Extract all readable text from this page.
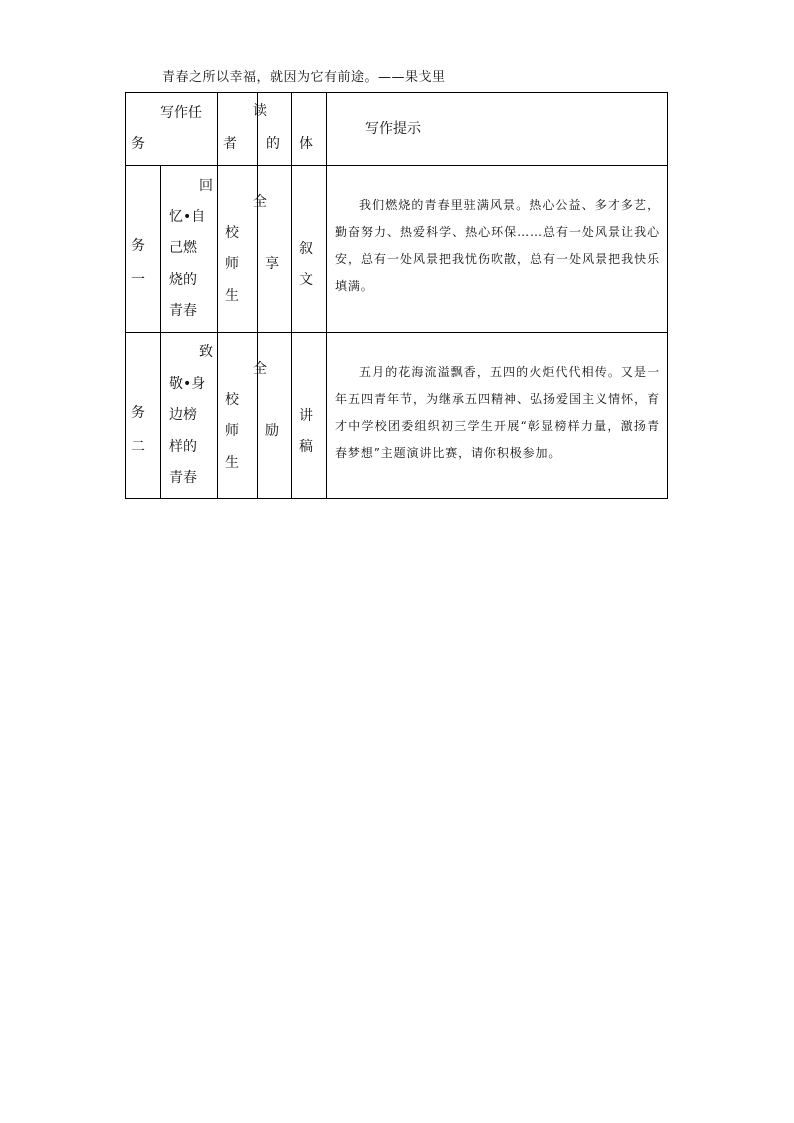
青春之所以幸福，就因为它有前途。——果戈里
写作任
务
读
者 的 体
写作提示
务
一
回
忆•自
己燃
烧的
青春
全
校
师
生
享
叙
文

我们燃烧的青春里驻满风景。热心公益、多才多艺，勤奋努力、热爱科学、热心环保……总有一处风景让我心安，总有一处风景把我忧伤吹散，总有一处风景把我快乐填满。

务
二
致
敬•身
边榜
样的
青春
全
校
师
生
励
讲
稿

五月的花海流溢飘香，五四的火炬代代相传。又是一年五四青年节，为继承五四精神、弘扬爱国主义情怀，育才中学校团委组织初三学生开展“彰显榜样力量，激扬青春梦想”主题演讲比赛，请你积极参加。
